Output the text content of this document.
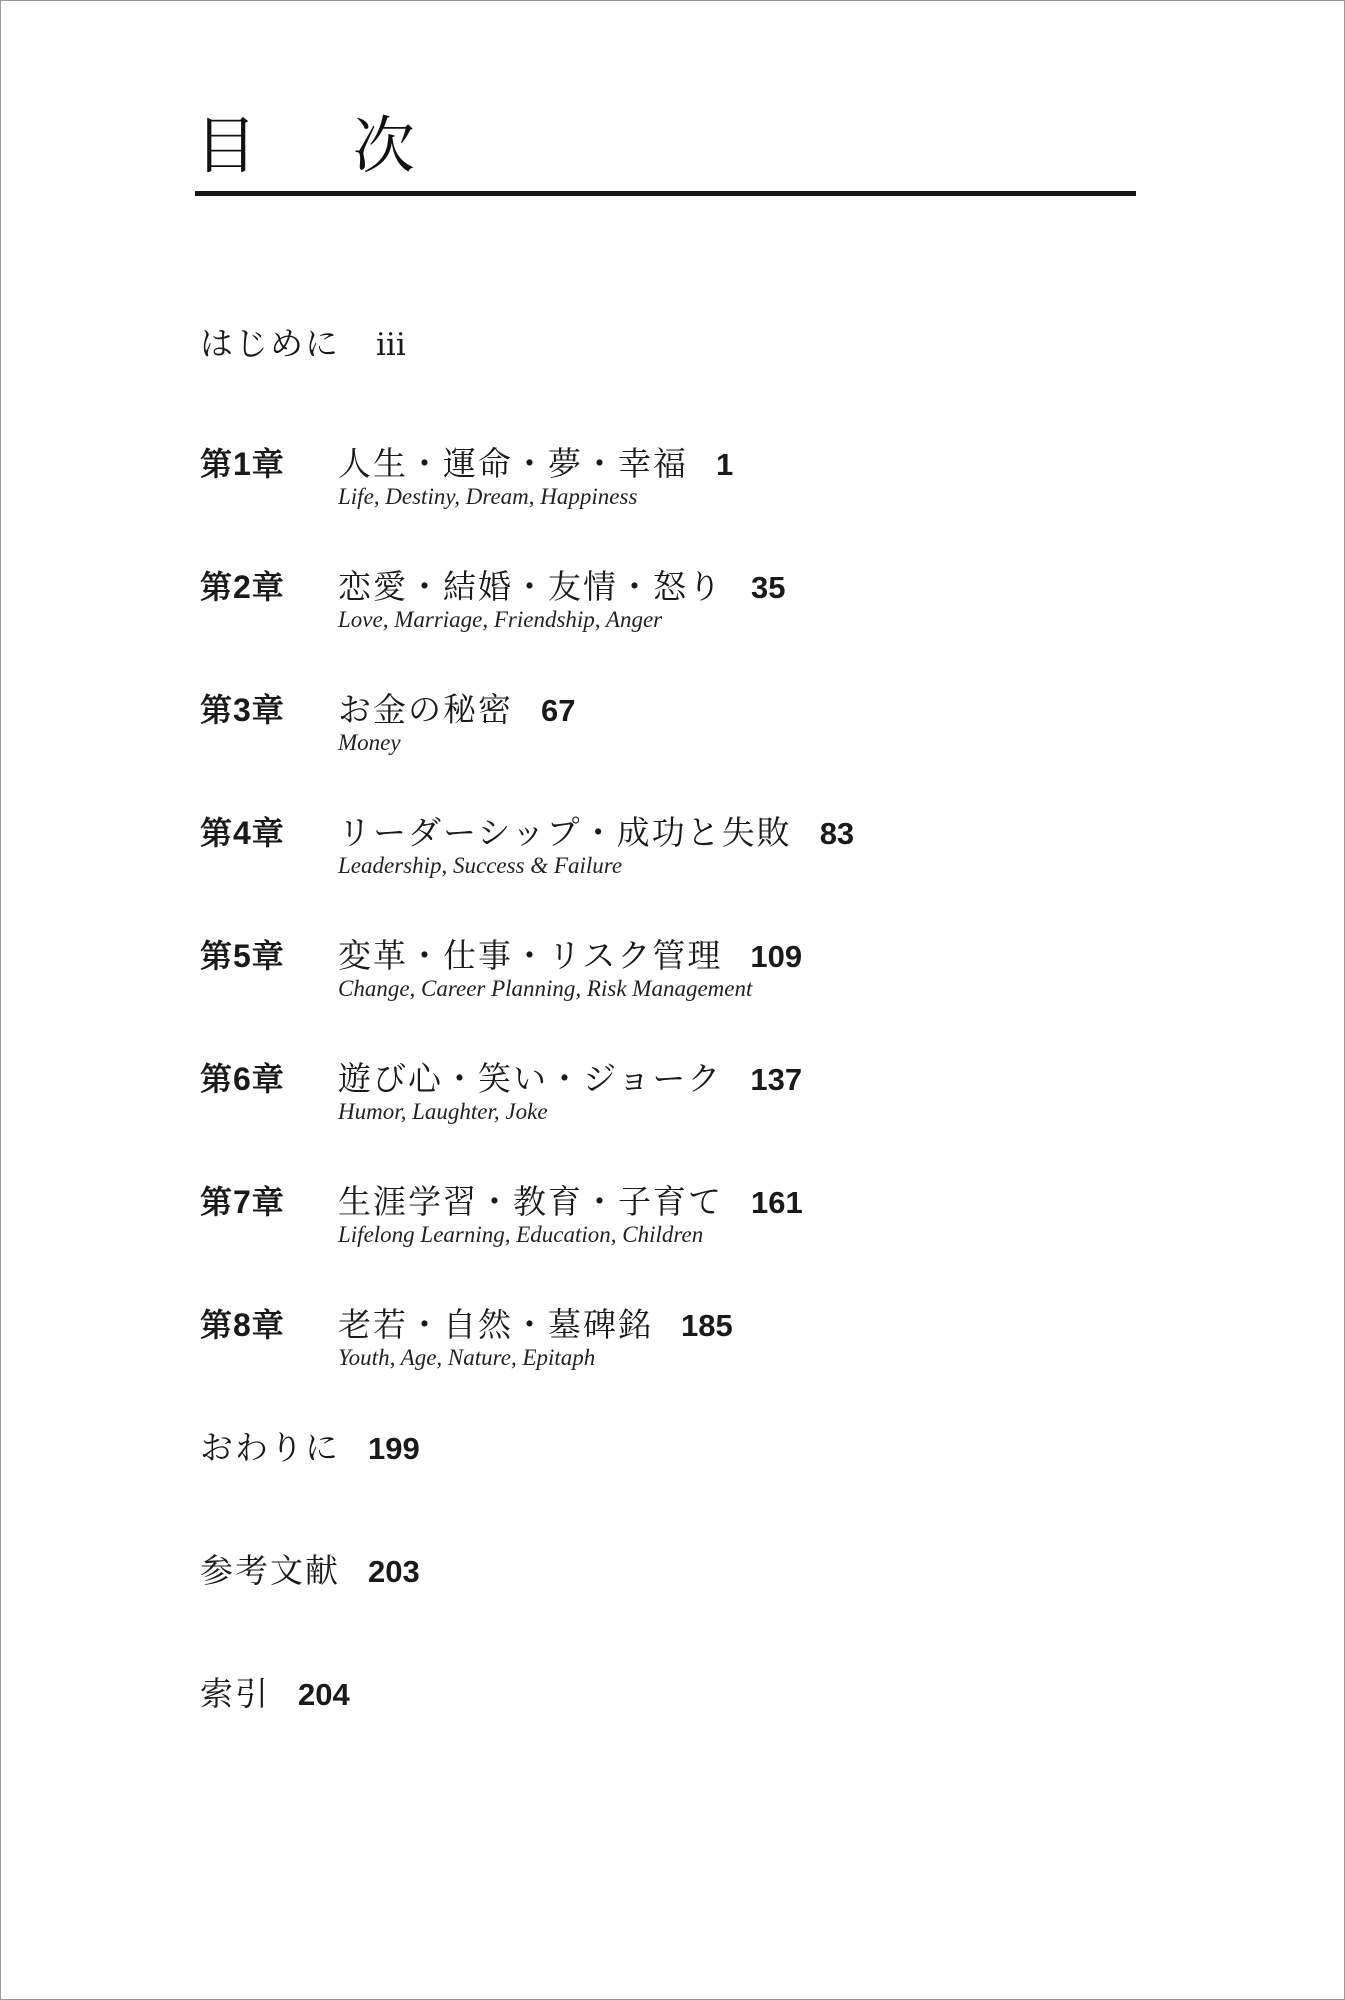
目 次
はじめに iii
第1章	人生・運命・夢・幸福 1
Life, Destiny, Dream, Happiness
第2章	恋愛・結婚・友情・怒り 35
Love, Marriage, Friendship, Anger
第3章	お金の秘密 67
Money
第4章	リーダーシップ・成功と失敗 83
Leadership, Success & Failure
第5章	変革・仕事・リスク管理 109
Change, Career Planning, Risk Management
第6章	遊び心・笑い・ジョーク 137
Humor, Laughter, Joke
第7章	生涯学習・教育・子育て 161
Lifelong Learning, Education, Children
第8章	老若・自然・墓碑銘 185
Youth, Age, Nature, Epitaph
おわりに 199
参考文献 203
索引 204
